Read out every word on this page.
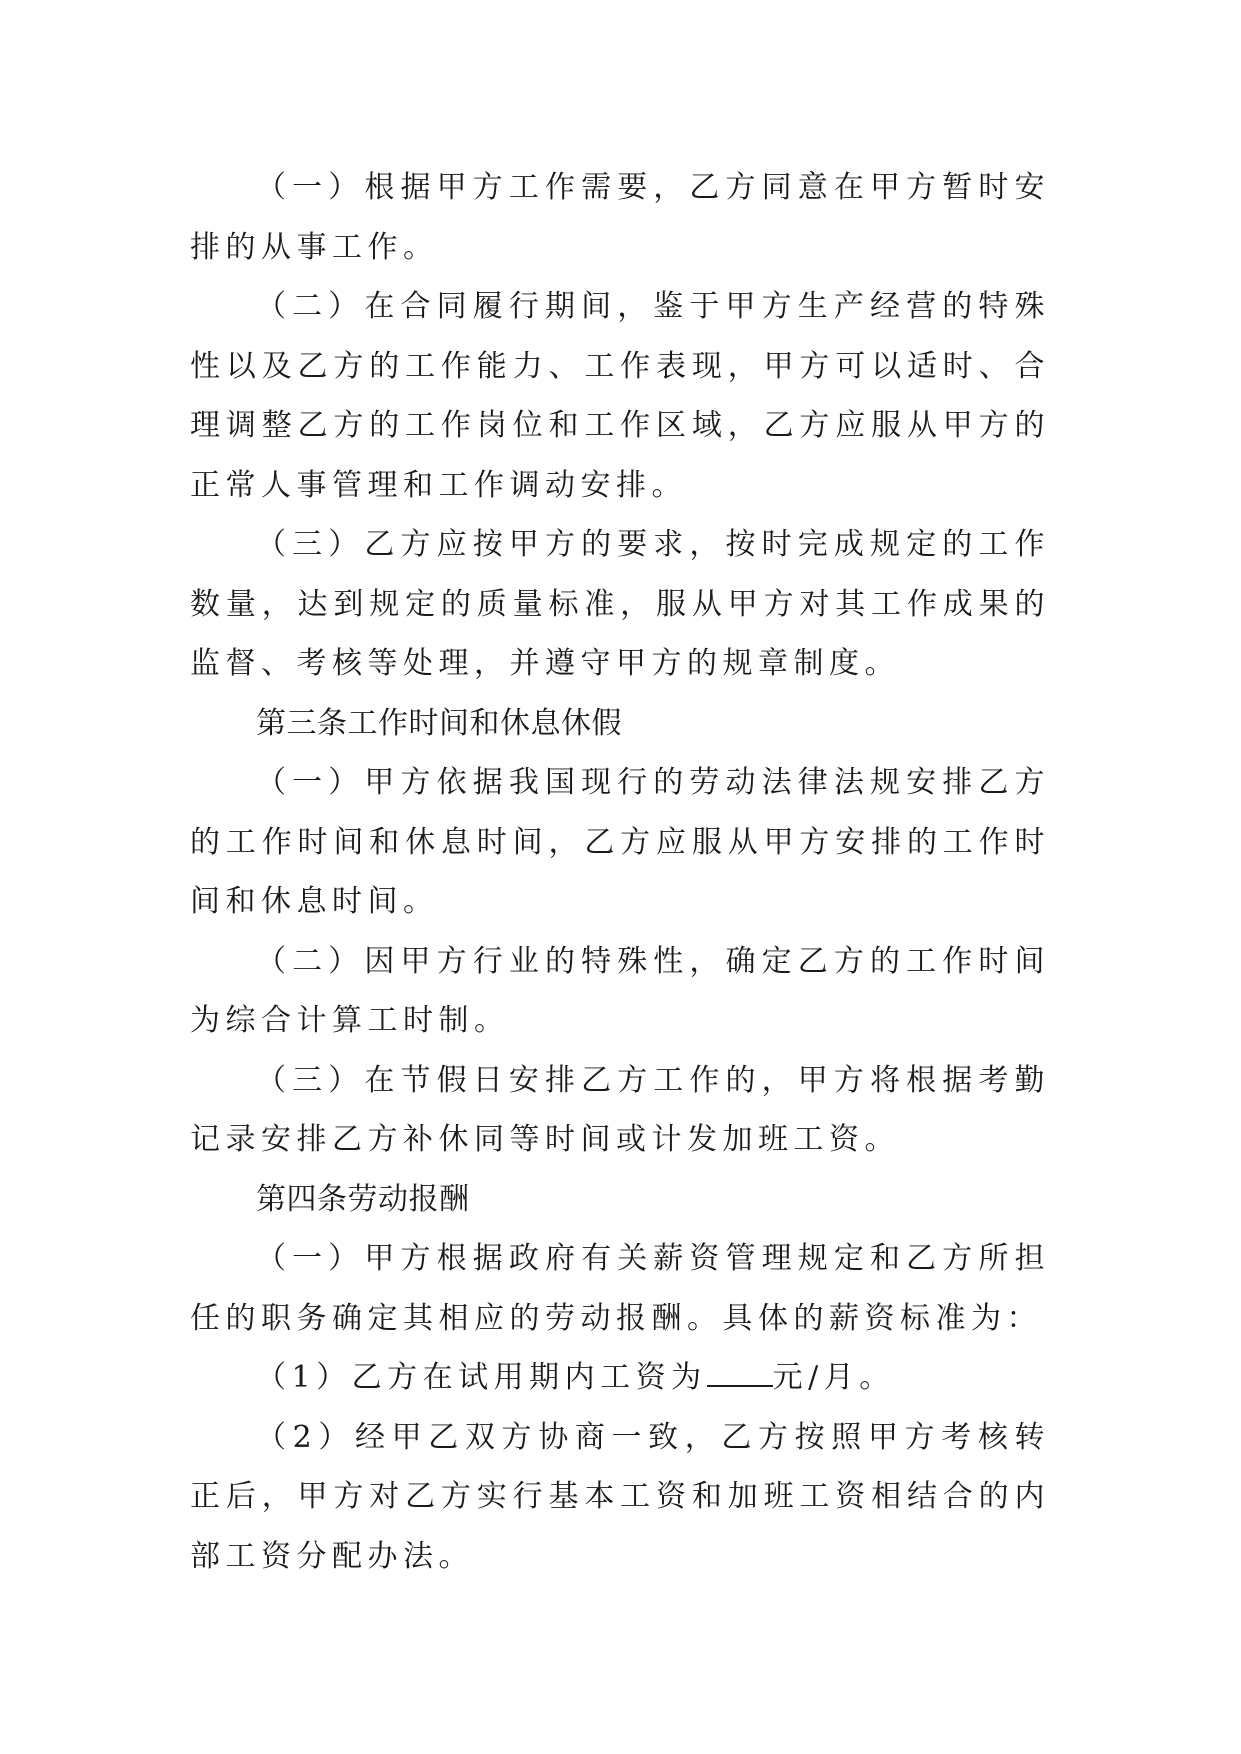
（一）根据甲方工作需要，乙方同意在甲方暂时安排的从事工作。

（二）在合同履行期间，鉴于甲方生产经营的特殊性以及乙方的工作能力、工作表现，甲方可以适时、合理调整乙方的工作岗位和工作区域，乙方应服从甲方的正常人事管理和工作调动安排。

（三）乙方应按甲方的要求，按时完成规定的工作数量，达到规定的质量标准，服从甲方对其工作成果的监督、考核等处理，并遵守甲方的规章制度。

第三条工作时间和休息休假

（一）甲方依据我国现行的劳动法律法规安排乙方的工作时间和休息时间，乙方应服从甲方安排的工作时间和休息时间。

（二）因甲方行业的特殊性，确定乙方的工作时间为综合计算工时制。

（三）在节假日安排乙方工作的，甲方将根据考勤记录安排乙方补休同等时间或计发加班工资。

第四条劳动报酬

（一）甲方根据政府有关薪资管理规定和乙方所担任的职务确定其相应的劳动报酬。具体的薪资标准为：

（1）乙方在试用期内工资为 元/月。

（2）经甲乙双方协商一致，乙方按照甲方考核转正后，甲方对乙方实行基本工资和加班工资相结合的内部工资分配办法。
